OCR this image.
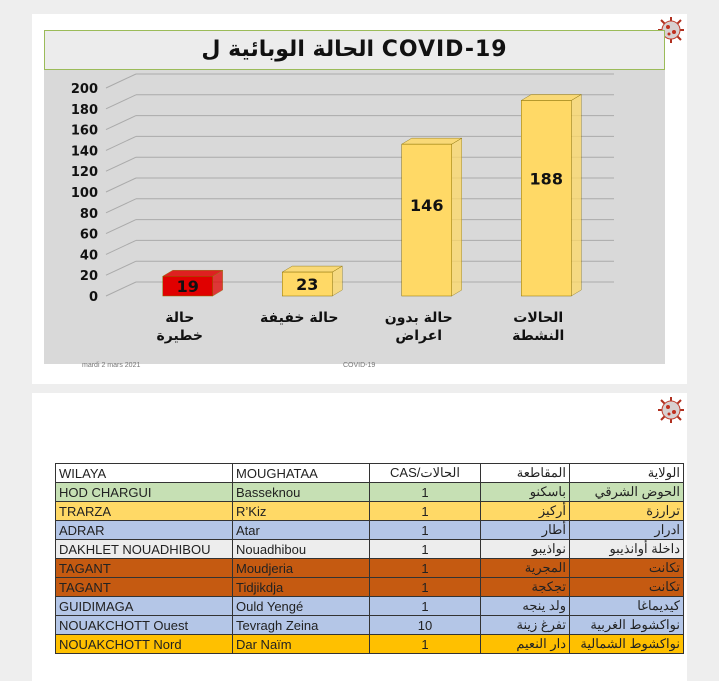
الحالة الوبائية ل COVID-19
19	23
146
188
0
20
40
60
80
100
120
140
160
180
200
حالة
خطيرة
حالة خفيفة	حالة بدون
اعراض
الحالات
النشطة
mardi 2 mars 2021	COVID-19
WILAYA	MOUGHATAA	CAS/الحالات	المقاطعة	الولاية
HOD CHARGUI	Basseknou	1	باسكنو	الحوض الشرقي
TRARZA	R’Kiz	1	أركيز	ترارزة
ADRAR	Atar	1	أطار	ادرار
DAKHLET NOUADHIBOU	Nouadhibou	1	نواذيبو	داخلة أوانذيبو
TAGANT	Moudjeria	1	المجرية	تكانت
TAGANT	Tidjikdja	1	تجكجة	تكانت
GUIDIMAGA	Ould Yengé	1	ولد ينجه	كيديماغا
NOUAKCHOTT Ouest	Tevragh Zeina	10	تفرغ زينة	نواكشوط الغربية
NOUAKCHOTT Nord	Dar Naïm	1	دار النعيم	نواكشوط الشمالية
